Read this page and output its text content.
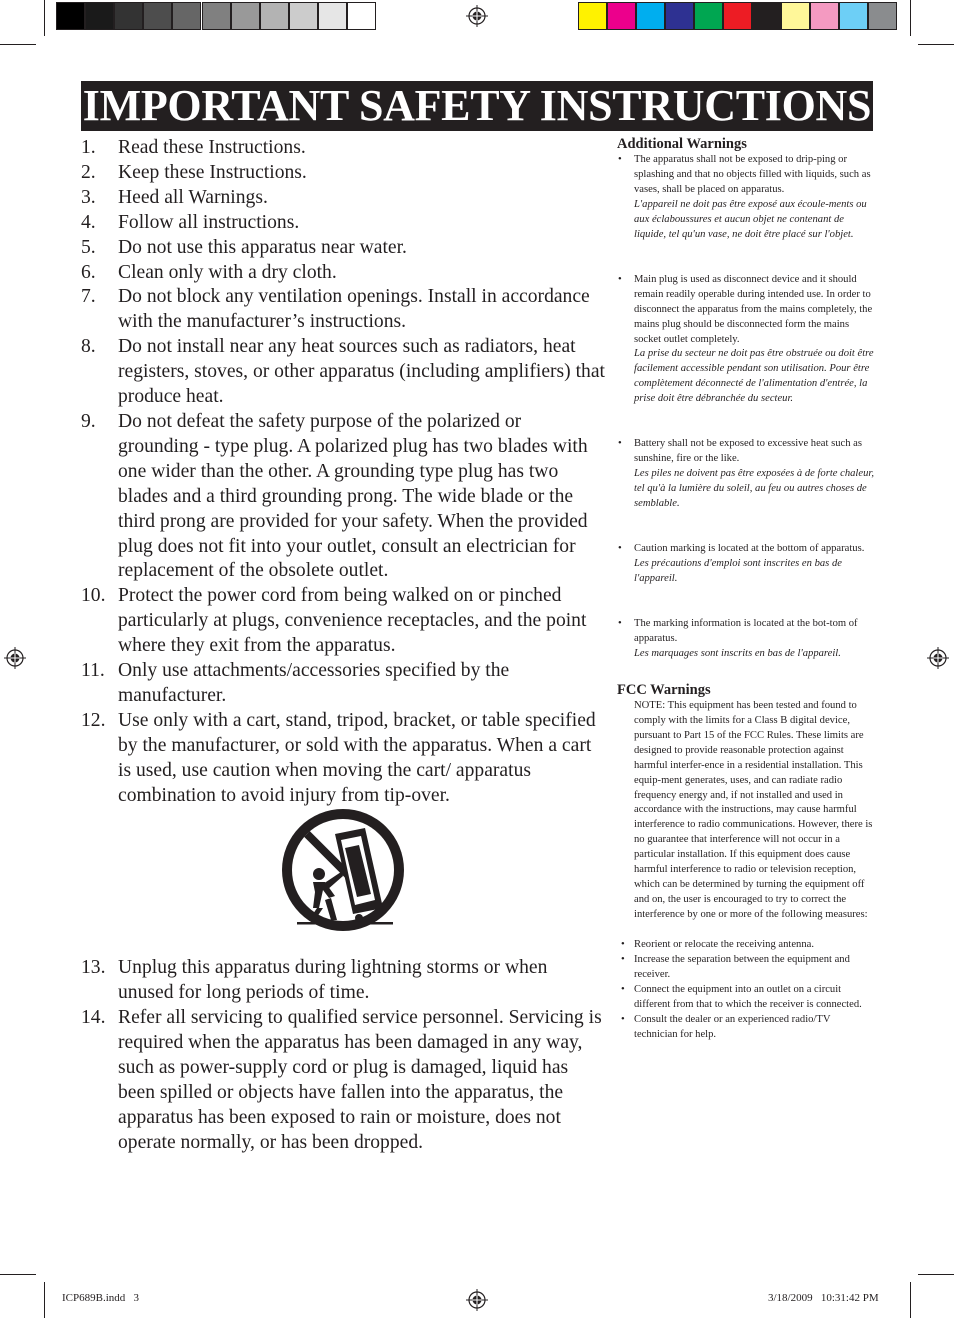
IMPORTANT SAFETY INSTRUCTIONS
1. Read these Instructions.
2. Keep these Instructions.
3. Heed all Warnings.
4. Follow all instructions.
5. Do not use this apparatus near water.
6. Clean only with a dry cloth.
7. Do not block any ventilation openings. Install in accordance with the manufacturer’s instructions.
8. Do not install near any heat sources such as radiators, heat registers, stoves, or other apparatus (including amplifiers) that produce heat.
9. Do not defeat the safety purpose of the polarized or grounding - type plug. A polarized plug has two blades with one wider than the other. A grounding type plug has two blades and a third grounding prong. The wide blade or the third prong are provided for your safety. When the provided plug does not fit into your outlet, consult an electrician for replacement of the obsolete outlet.
10. Protect the power cord from being walked on or pinched particularly at plugs, convenience receptacles, and the point where they exit from the apparatus.
11. Only use attachments/accessories specified by the manufacturer.
12. Use only with a cart, stand, tripod, bracket, or table specified by the manufacturer, or sold with the apparatus. When a cart is used, use caution when moving the cart/ apparatus combination to avoid injury from tip-over.
13. Unplug this apparatus during lightning storms or when unused for long periods of time.
14. Refer all servicing to qualified service personnel. Servicing is required when the apparatus has been damaged in any way, such as power-supply cord or plug is damaged, liquid has been spilled or objects have fallen into the apparatus, the apparatus has been exposed to rain or moisture, does not operate normally, or has been dropped.
Additional Warnings
• The apparatus shall not be exposed to drip-ping or splashing and that no objects filled with liquids, such as vases, shall be placed on apparatus.
L'appareil ne doit pas être exposé aux écoule-ments ou aux éclaboussures et aucun objet ne contenant de liquide, tel qu'un vase, ne doit être placé sur l'objet.
• Main plug is used as disconnect device and it should remain readily operable during intended use. In order to disconnect the apparatus from the mains completely, the mains plug should be disconnected form the mains socket outlet completely.
La prise du secteur ne doit pas être obstruée ou doit être facilement accessible pendant son utilisation. Pour être complètement déconnecté de l'alimentation d'entrée, la prise doit être débranchée du secteur.
• Battery shall not be exposed to excessive heat such as sunshine, fire or the like.
Les piles ne doivent pas être exposées à de forte chaleur, tel qu'à la lumière du soleil, au feu ou autres choses de semblable.
• Caution marking is located at the bottom of apparatus.
Les précautions d'emploi sont inscrites en bas de l'appareil.
• The marking information is located at the bot-tom of apparatus.
Les marquages sont inscrits en bas de l'appareil.
FCC Warnings
NOTE: This equipment has been tested and found to comply with the limits for a Class B digital device, pursuant to Part 15 of the FCC Rules. These limits are designed to provide reasonable protection against harmful interfer-ence in a residential installation. This equip-ment generates, uses, and can radiate radio frequency energy and, if not installed and used in accordance with the instructions, may cause harmful interference to radio communications. However, there is no guarantee that interference will not occur in a particular installation. If this equipment does cause harmful interference to radio or television reception, which can be determined by turning the equipment off and on, the user is encouraged to try to correct the interference by one or more of the following measures:
• Reorient or relocate the receiving antenna.
• Increase the separation between the equipment and receiver.
• Connect the equipment into an outlet on a circuit different from that to which the receiver is connected.
• Consult the dealer or an experienced radio/TV technician for help.
ICP689B.indd   3	3/18/2009   10:31:42 PM
